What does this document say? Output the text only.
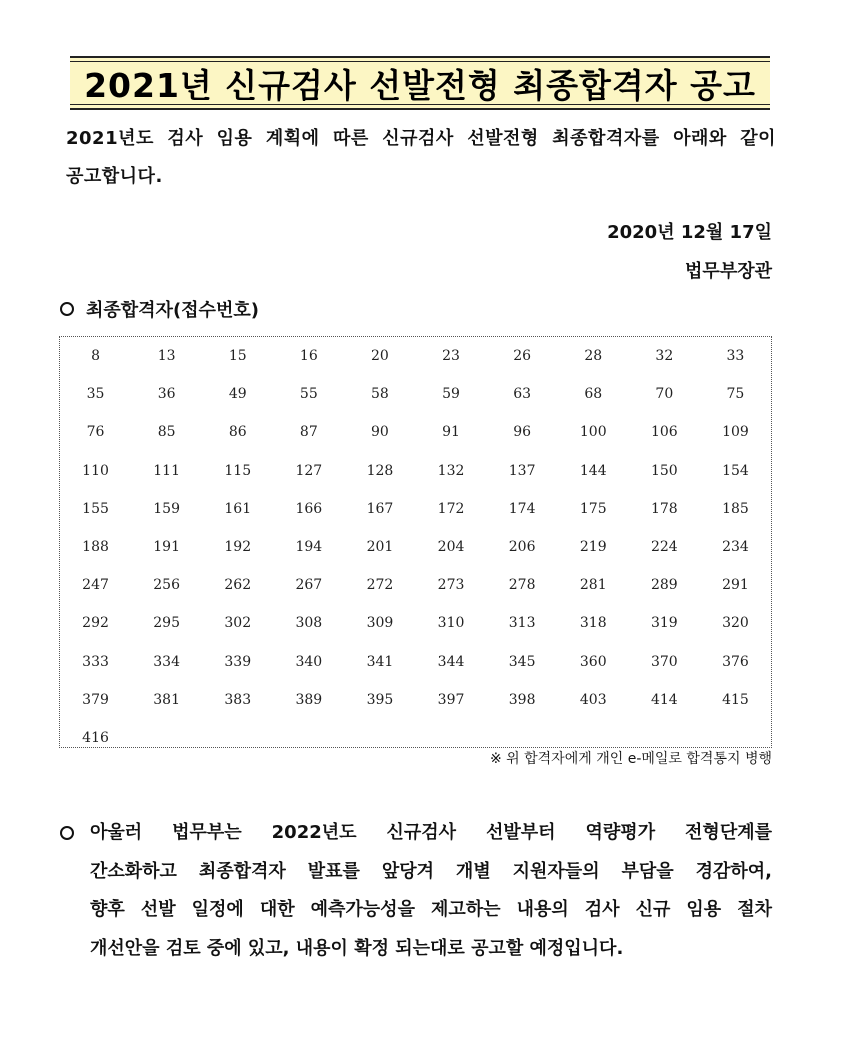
2021년 신규검사 선발전형 최종합격자 공고

2021년도 검사 임용 계획에 따른 신규검사 선발전형 최종합격자를 아래와 같이
공고합니다.

2020년 12월 17일
법무부장관
최종합격자(접수번호)
8	13	15	16	20	23	26	28	32	33
35	36	49	55	58	59	63	68	70	75
76	85	86	87	90	91	96	100	106	109
110	111	115	127	128	132	137	144	150	154
155	159	161	166	167	172	174	175	178	185
188	191	192	194	201	204	206	219	224	234
247	256	262	267	272	273	278	281	289	291
292	295	302	308	309	310	313	318	319	320
333	334	339	340	341	344	345	360	370	376
379	381	383	389	395	397	398	403	414	415
416
※ 위 합격자에게 개인 e-메일로 합격통지 병행

아울러 법무부는 2022년도 신규검사 선발부터 역량평가 전형단계를
간소화하고 최종합격자 발표를 앞당겨 개별 지원자들의 부담을 경감하여,
향후 선발 일정에 대한 예측가능성을 제고하는 내용의 검사 신규 임용 절차
개선안을 검토 중에 있고, 내용이 확정 되는대로 공고할 예정입니다.
